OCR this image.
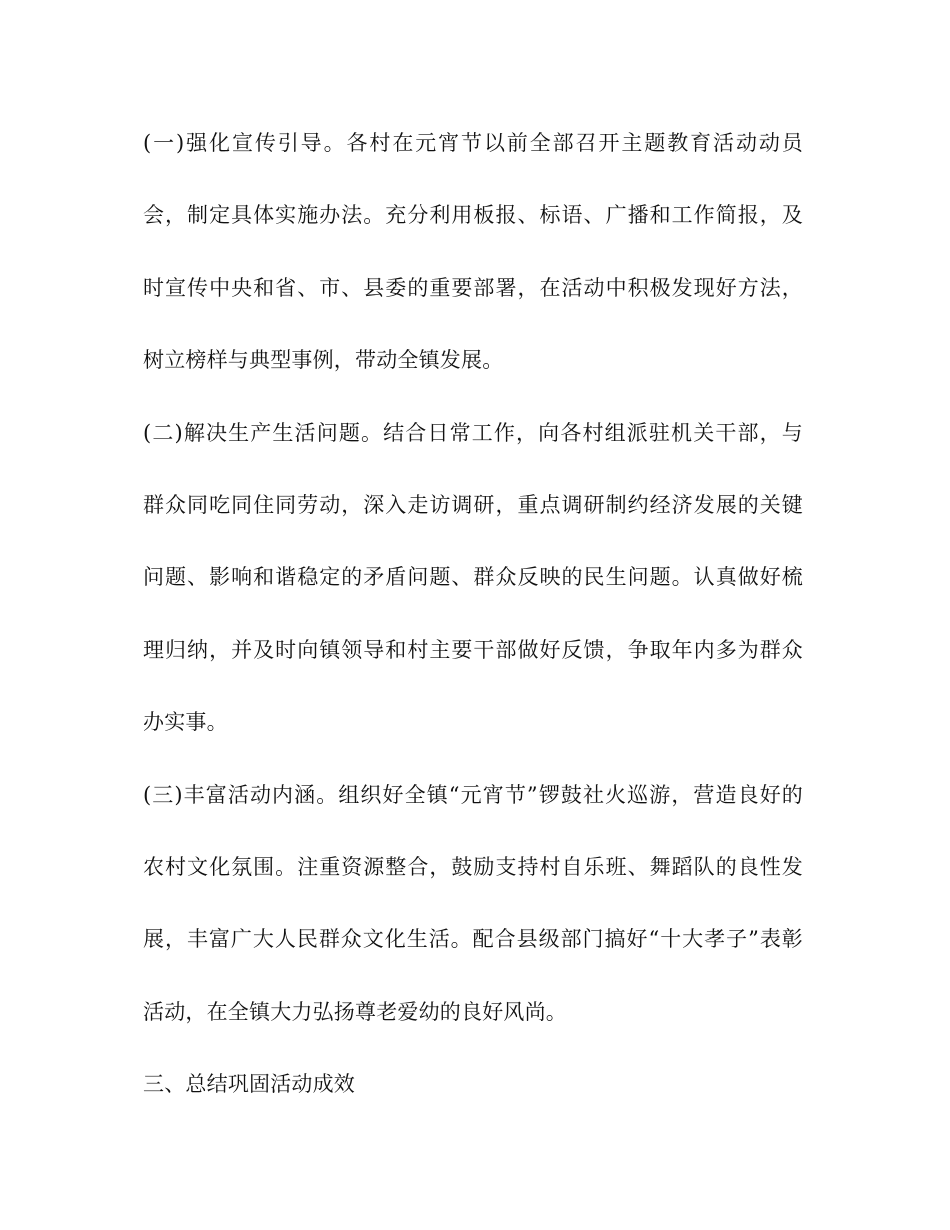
(一)强化宣传引导。各村在元宵节以前全部召开主题教育活动动员
会，制定具体实施办法。充分利用板报、标语、广播和工作简报，及
时宣传中央和省、市、县委的重要部署，在活动中积极发现好方法，
树立榜样与典型事例，带动全镇发展。
(二)解决生产生活问题。结合日常工作，向各村组派驻机关干部，与
群众同吃同住同劳动，深入走访调研，重点调研制约经济发展的关键
问题、影响和谐稳定的矛盾问题、群众反映的民生问题。认真做好梳
理归纳，并及时向镇领导和村主要干部做好反馈，争取年内多为群众
办实事。
(三)丰富活动内涵。组织好全镇“元宵节”锣鼓社火巡游，营造良好的
农村文化氛围。注重资源整合，鼓励支持村自乐班、舞蹈队的良性发
展，丰富广大人民群众文化生活。配合县级部门搞好“十大孝子”表彰
活动，在全镇大力弘扬尊老爱幼的良好风尚。
三、总结巩固活动成效
